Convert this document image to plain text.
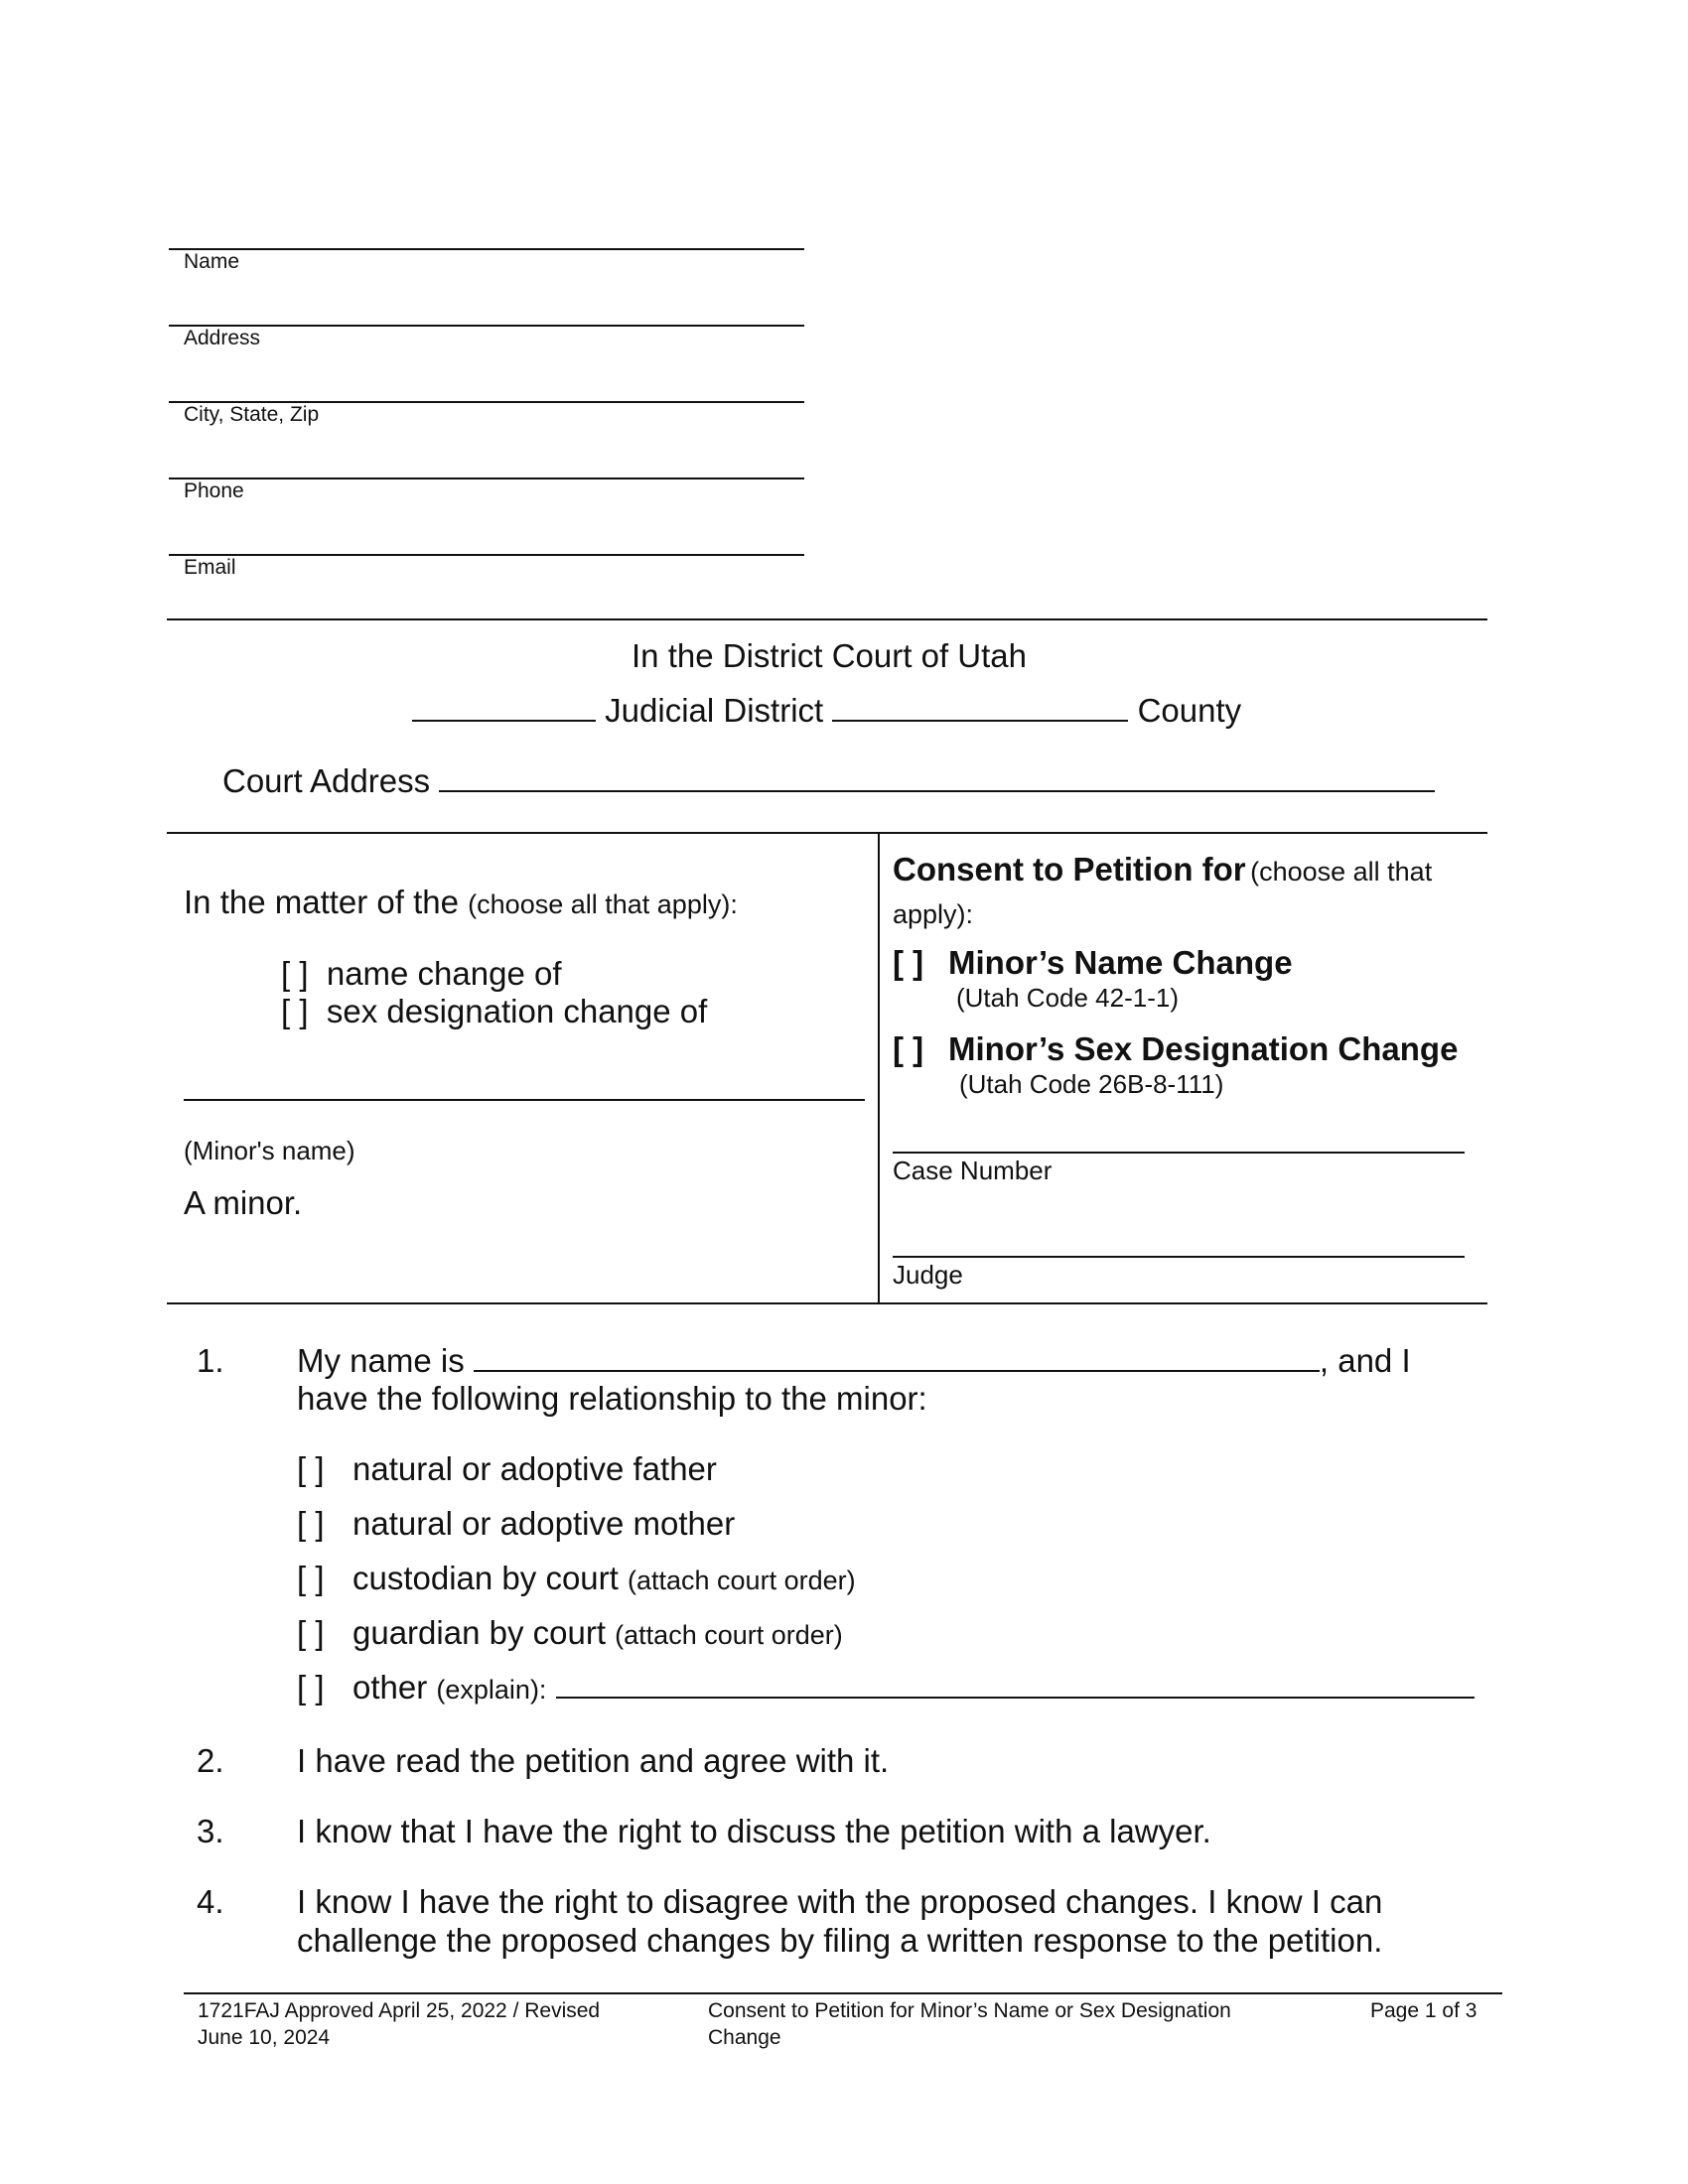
Name
Address
City, State, Zip
Phone
Email
In the District Court of Utah
Judicial District	County
Court Address
In the matter of the (choose all that apply):
[ ]  name change of
[ ]  sex designation change of
(Minor's name)
A minor.
Consent to Petition for (choose all that
apply):
[ ] Minor’s Name Change
(Utah Code 42-1-1)
[ ] Minor’s Sex Designation Change
(Utah Code 26B-8-111)
Case Number
Judge
1. My name is	, and I
have the following relationship to the minor:
[ ] natural or adoptive father
[ ] natural or adoptive mother
[ ] custodian by court (attach court order)
[ ] guardian by court (attach court order)
[ ] other (explain):
2. I have read the petition and agree with it.
3. I know that I have the right to discuss the petition with a lawyer.
4. I know I have the right to disagree with the proposed changes. I know I can
challenge the proposed changes by filing a written response to the petition.
1721FAJ Approved April 25, 2022 / Revised
June 10, 2024
Consent to Petition for Minor’s Name or Sex Designation
Change
Page 1 of 3
